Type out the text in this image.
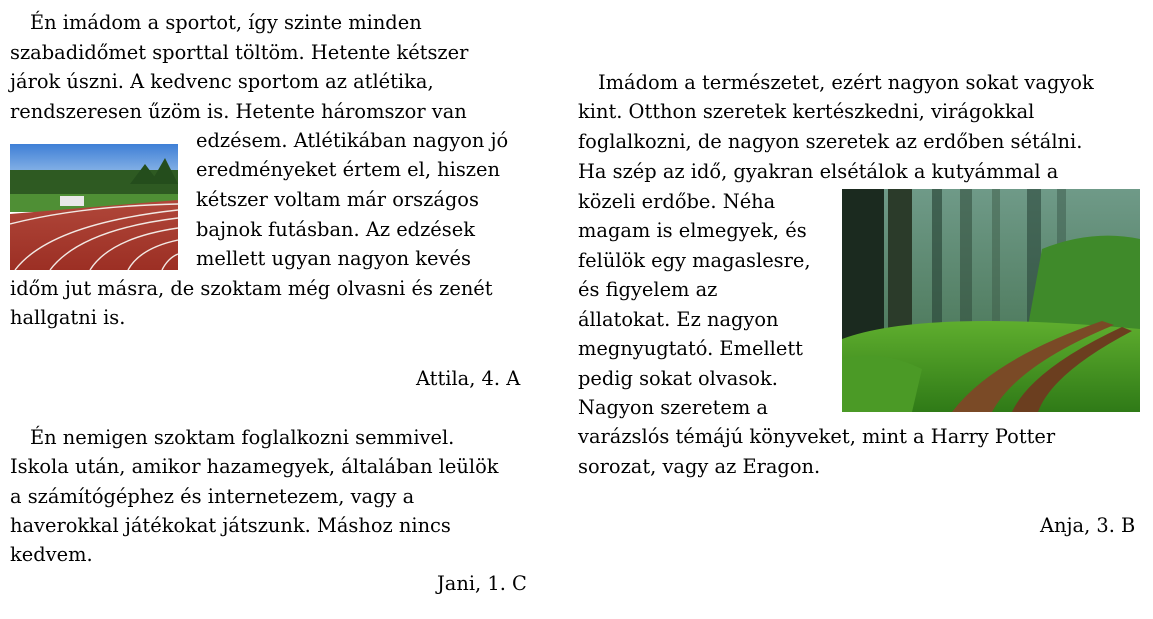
Én imádom a sportot, így szinte minden
szabadidőmet sporttal töltöm. Hetente kétszer
járok úszni. A kedvenc sportom az atlétika,
rendszeresen űzöm is. Hetente háromszor van
edzésem. Atlétikában nagyon jó
eredményeket értem el, hiszen
kétszer voltam már országos
bajnok futásban. Az edzések
mellett ugyan nagyon kevés
időm jut másra, de szoktam még olvasni és zenét
hallgatni is.
Attila, 4. A
Én nemigen szoktam foglalkozni semmivel.
Iskola után, amikor hazamegyek, általában leülök
a számítógéphez és internetezem, vagy a
haverokkal játékokat játszunk. Máshoz nincs
kedvem.
Jani, 1. C
Imádom a természetet, ezért nagyon sokat vagyok
kint. Otthon szeretek kertészkedni, virágokkal
foglalkozni, de nagyon szeretek az erdőben sétálni.
Ha szép az idő, gyakran elsétálok a kutyámmal a
közeli erdőbe. Néha
magam is elmegyek, és
felülök egy magaslesre,
és figyelem az
állatokat. Ez nagyon
megnyugtató. Emellett
pedig sokat olvasok.
Nagyon szeretem a
varázslós témájú könyveket, mint a Harry Potter
sorozat, vagy az Eragon.
Anja, 3. B
